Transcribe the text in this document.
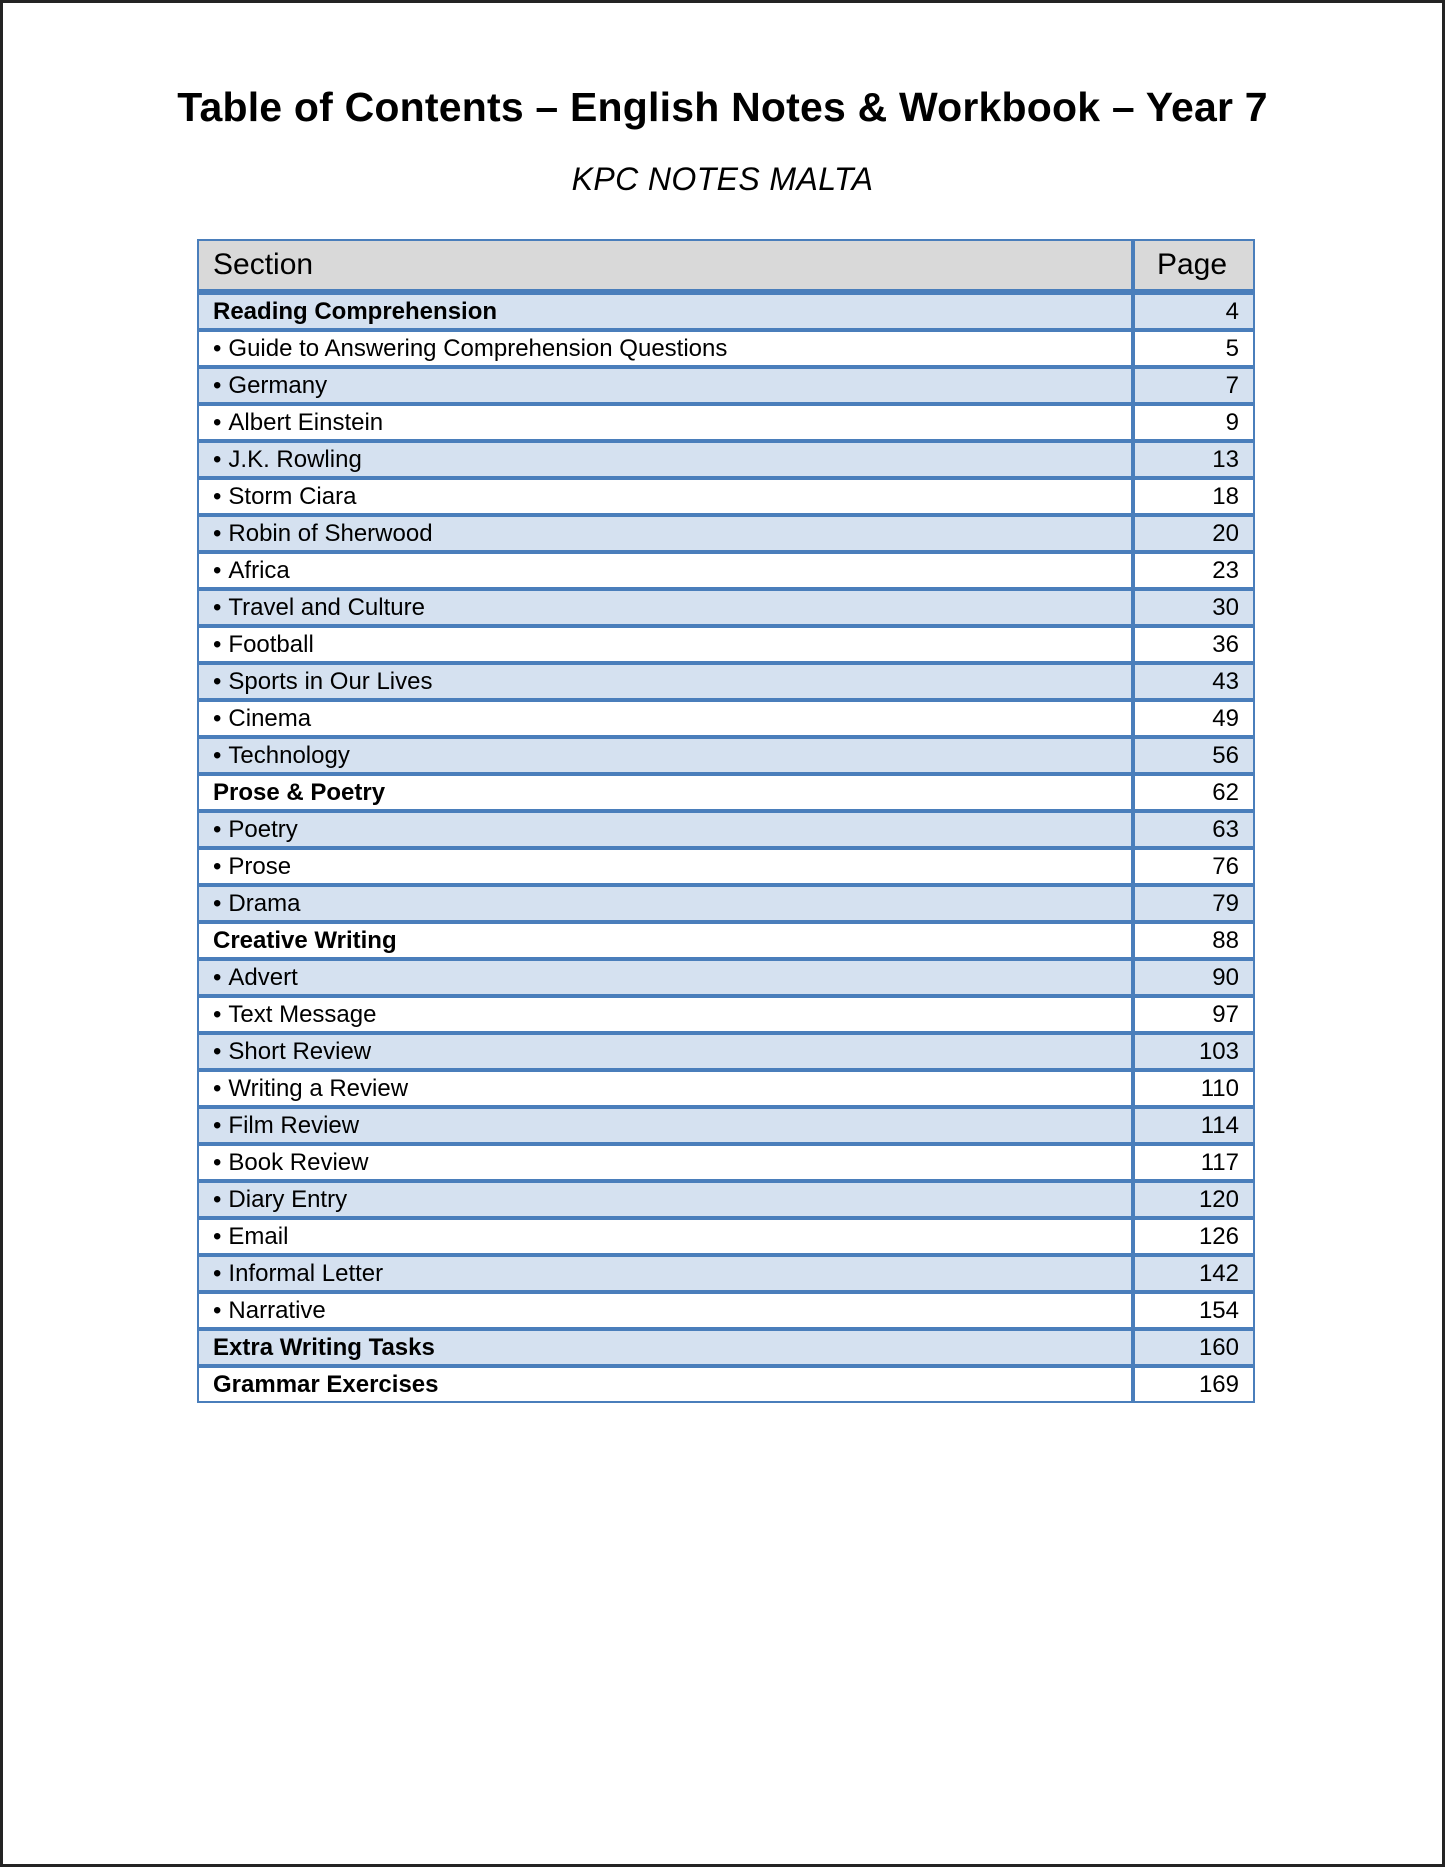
Table of Contents – English Notes & Workbook – Year 7
KPC NOTES MALTA
Section	Page
Reading Comprehension	4
• Guide to Answering Comprehension Questions	5
• Germany	7
• Albert Einstein	9
• J.K. Rowling	13
• Storm Ciara	18
• Robin of Sherwood	20
• Africa	23
• Travel and Culture	30
• Football	36
• Sports in Our Lives	43
• Cinema	49
• Technology	56
Prose & Poetry	62
• Poetry	63
• Prose	76
• Drama	79
Creative Writing	88
• Advert	90
• Text Message	97
• Short Review	103
• Writing a Review	110
• Film Review	114
• Book Review	117
• Diary Entry	120
• Email	126
• Informal Letter	142
• Narrative	154
Extra Writing Tasks	160
Grammar Exercises	169
